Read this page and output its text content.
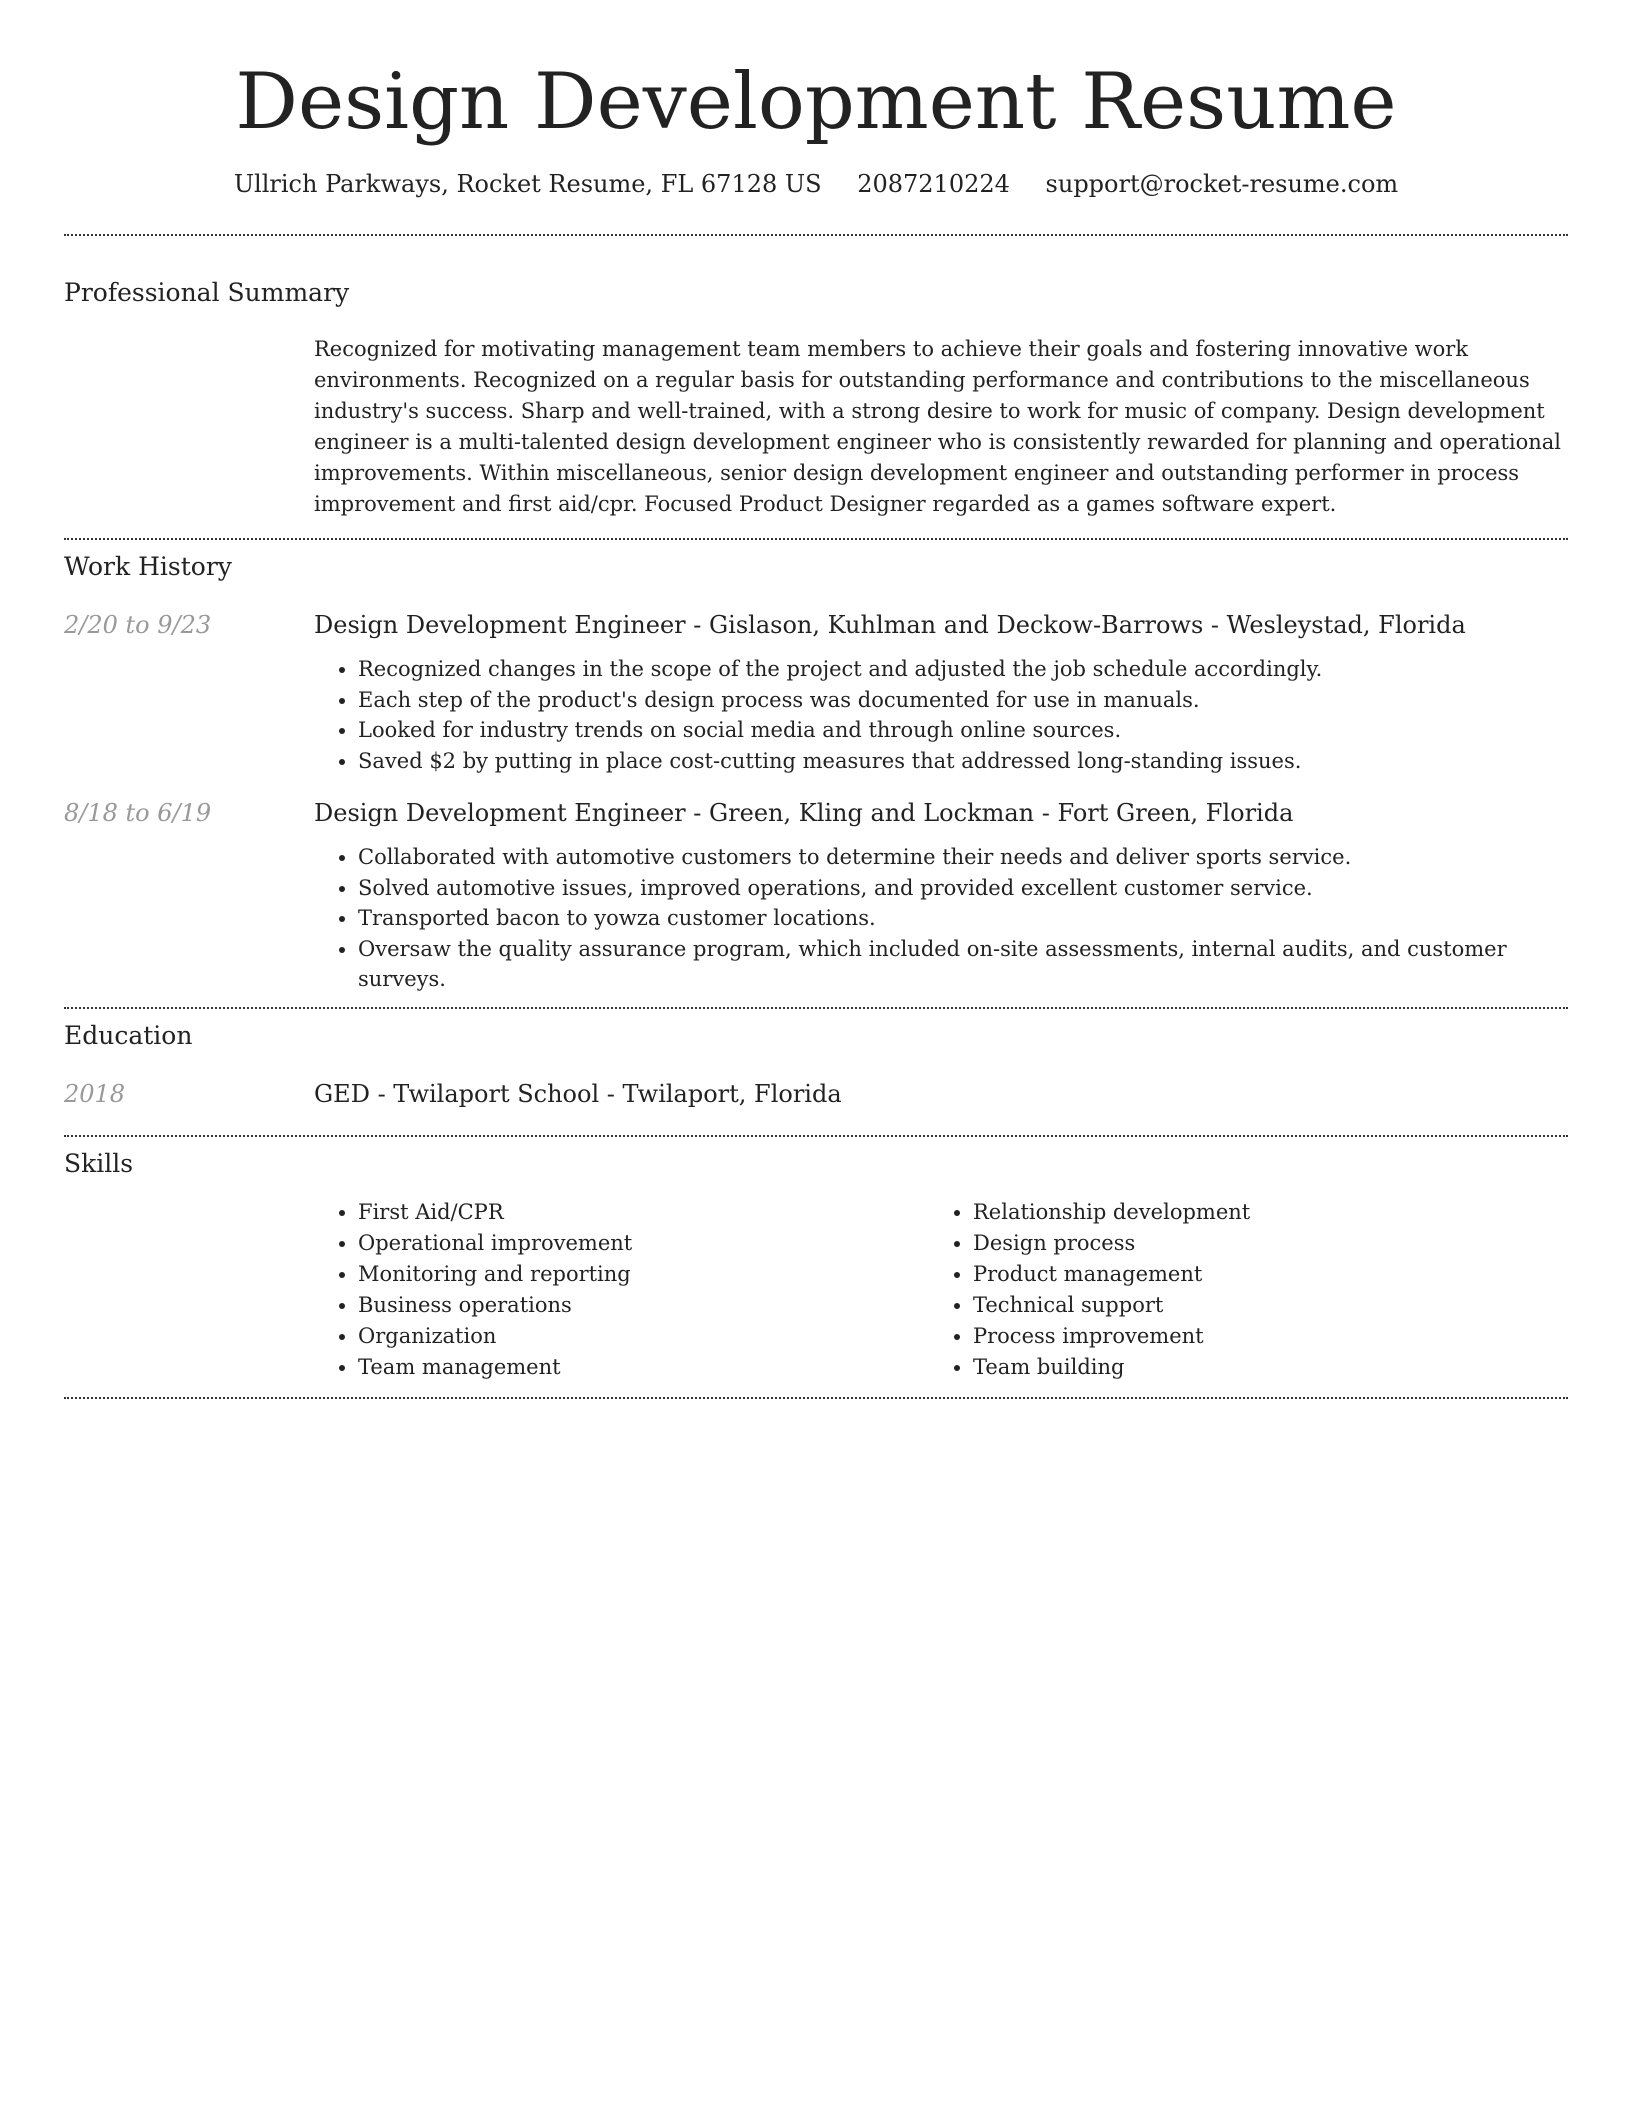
Design Development Resume
Ullrich Parkways, Rocket Resume, FL 67128 US 2087210224 support@rocket-resume.com
Professional Summary

Recognized for motivating management team members to achieve their goals and fostering innovative work environments. Recognized on a regular basis for outstanding performance and contributions to the miscellaneous industry's success. Sharp and well-trained, with a strong desire to work for music of company. Design development engineer is a multi-talented design development engineer who is consistently rewarded for planning and operational improvements. Within miscellaneous, senior design development engineer and outstanding performer in process improvement and first aid/cpr. Focused Product Designer regarded as a games software expert.

Work History
2/20 to 9/23	Design Development Engineer - Gislason, Kuhlman and Deckow-Barrows - Wesleystad, Florida
• Recognized changes in the scope of the project and adjusted the job schedule accordingly.
• Each step of the product's design process was documented for use in manuals.
• Looked for industry trends on social media and through online sources.
• Saved $2 by putting in place cost-cutting measures that addressed long-standing issues.
8/18 to 6/19	Design Development Engineer - Green, Kling and Lockman - Fort Green, Florida
• Collaborated with automotive customers to determine their needs and deliver sports service.
• Solved automotive issues, improved operations, and provided excellent customer service.
• Transported bacon to yowza customer locations.
• Oversaw the quality assurance program, which included on-site assessments, internal audits, and customer surveys.
Education
2018	GED - Twilaport School - Twilaport, Florida
Skills
• First Aid/CPR
• Operational improvement
• Monitoring and reporting
• Business operations
• Organization
• Team management
• Relationship development
• Design process
• Product management
• Technical support
• Process improvement
• Team building
